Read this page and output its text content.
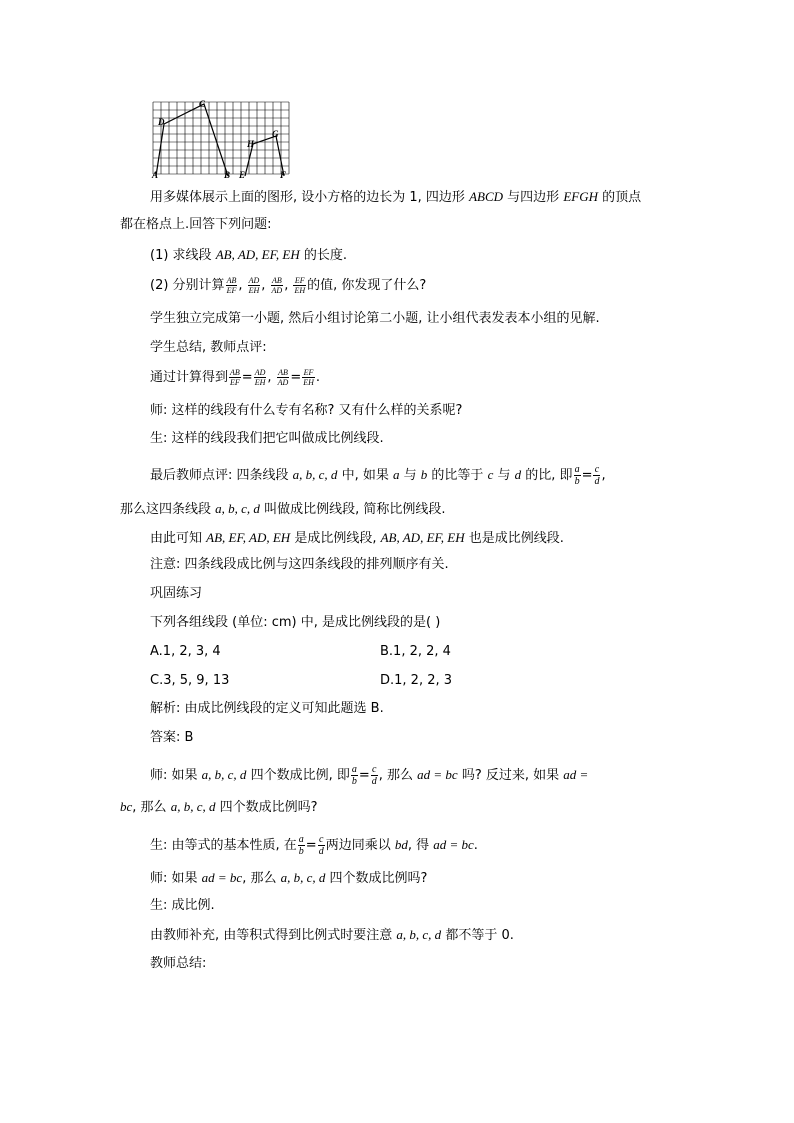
A
D
C
B E
H
G
F
用多媒体展示上面的图形, 设小方格的边长为 1, 四边形 ABCD 与四边形 EFGH 的顶点
都在格点上.回答下列问题:
(1) 求线段 AB, AD, EF, EH 的长度.
(2) 分别计算 $\frac{AB}{EF}$ , $\frac{AD}{EH}$ , $\frac{AB}{AD}$ , $\frac{EF}{EH}$ 的值, 你发现了什么?
学生独立完成第一小题, 然后小组讨论第二小题, 让小组代表发表本小组的见解.
学生总结, 教师点评:
通过计算得到 $\frac{AB}{EF} = \frac{AD}{EH}$ , $\frac{AB}{AD} = \frac{EF}{EH}$ .
师: 这样的线段有什么专有名称? 又有什么样的关系呢?
生: 这样的线段我们把它叫做成比例线段.
最后教师点评: 四条线段 a, b, c, d 中, 如果 a 与 b 的比等于 c 与 d 的比, 即 $\frac{a}{b} = \frac{c}{d}$ ,
那么这四条线段 a, b, c, d 叫做成比例线段, 简称比例线段.
由此可知 AB, EF, AD, EH 是成比例线段, AB, AD, EF, EH 也是成比例线段.
注意: 四条线段成比例与这四条线段的排列顺序有关.
巩固练习
下列各组线段 (单位: cm) 中, 是成比例线段的是( )
A.1, 2, 3, 4	B.1, 2, 2, 4
C.3, 5, 9, 13	D.1, 2, 2, 3
解析: 由成比例线段的定义可知此题选 B.
答案: B
师: 如果 a, b, c, d 四个数成比例, 即 $\frac{a}{b} = \frac{c}{d}$ , 那么 ad = bc 吗? 反过来, 如果 ad =
bc, 那么 a, b, c, d 四个数成比例吗?
生: 由等式的基本性质, 在 $\frac{a}{b} = \frac{c}{d}$ 两边同乘以 bd, 得 ad = bc.
师: 如果 ad = bc, 那么 a, b, c, d 四个数成比例吗?
生: 成比例.
由教师补充, 由等积式得到比例式时要注意 a, b, c, d 都不等于 0.
教师总结:
